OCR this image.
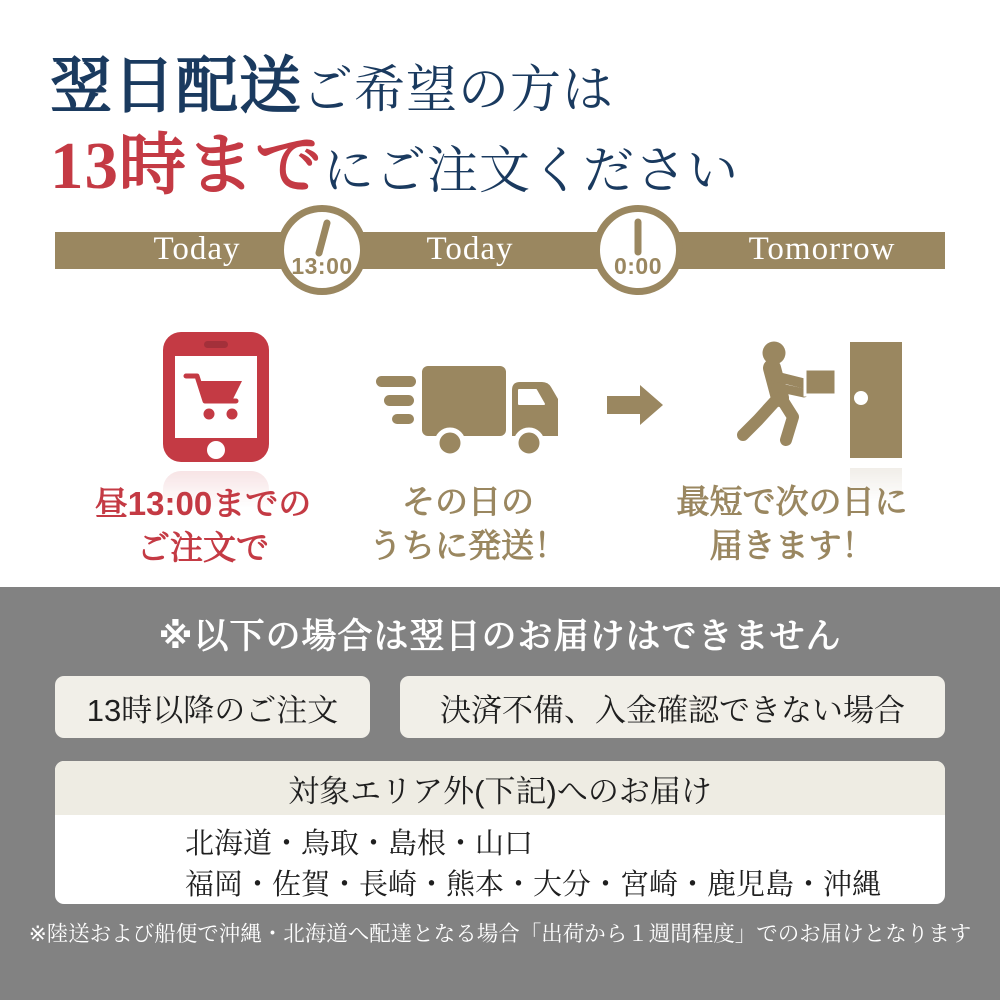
翌日配送ご希望の方は
13時までにご注文ください
Today	Today	Tomorrow
13:00	0:00
昼13:00までの
ご注文で
その日の
うちに発送！
最短で次の日に
届きます！
※以下の場合は翌日のお届けはできません
13時以降のご注文	決済不備、入金確認できない場合
対象エリア外(下記)へのお届け
北海道・鳥取・島根・山口
福岡・佐賀・長崎・熊本・大分・宮崎・鹿児島・沖縄
※陸送および船便で沖縄・北海道へ配達となる場合「出荷から１週間程度」でのお届けとなります
